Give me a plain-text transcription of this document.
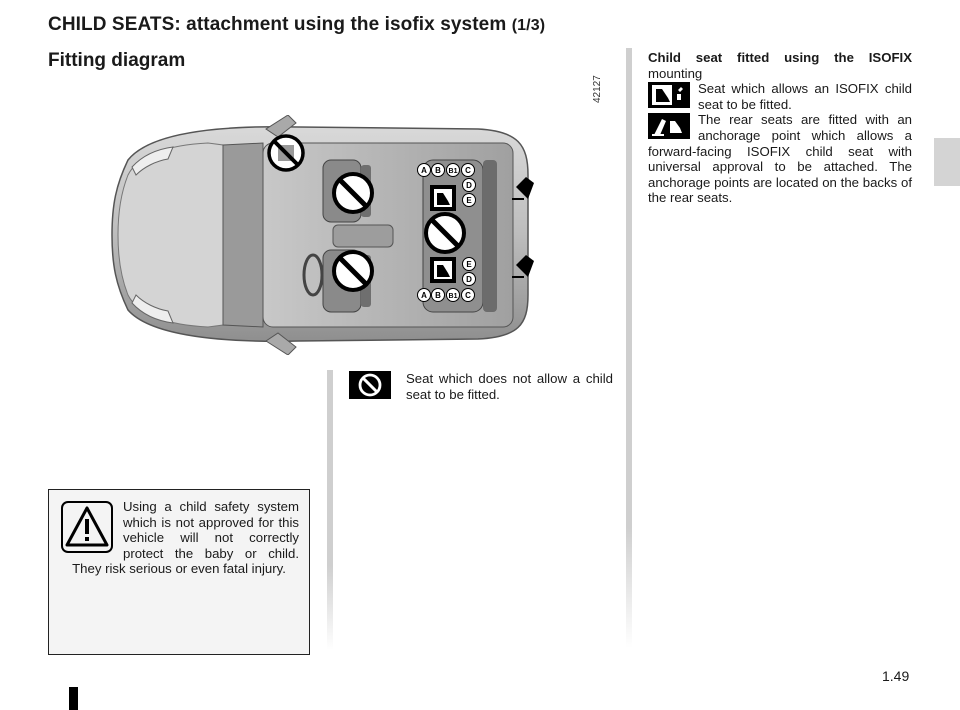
CHILD SEATS: attachment using the isofix system (1/3)
Fitting diagram
42127
A B B1 C
D
E
E
D
A B B1 C

Child seat fitted using the ISOFIX mounting

Seat which allows an ISOFIX child seat to be fitted.

The rear seats are fitted with an anchorage point which allows a forward-facing ISOFIX child seat with universal approval to be attached. The anchorage points are located on the backs of the rear seats.

Seat which does not allow a child seat to be fitted.

Using a child safety system which is not approved for this vehicle will not correctly protect the baby or child. They risk serious or even fatal injury.

1.49
